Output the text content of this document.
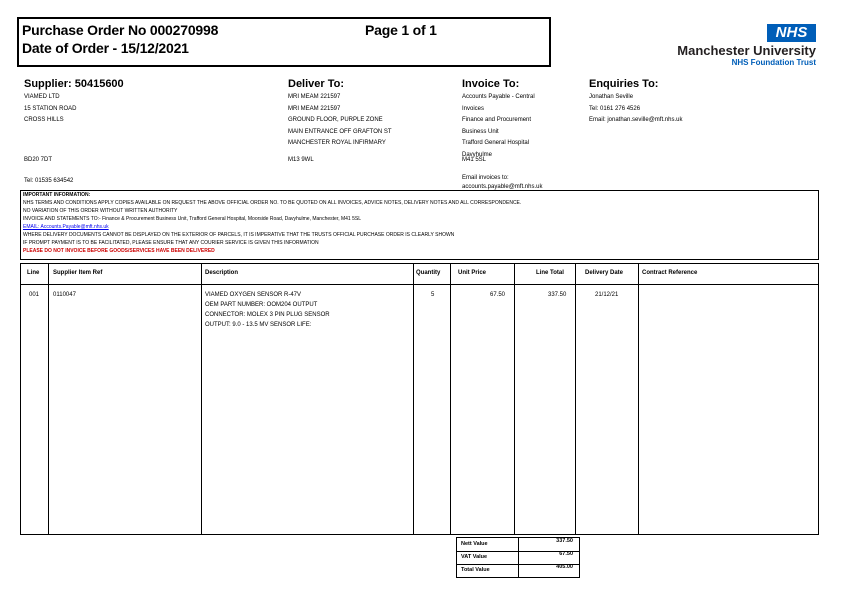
Purchase Order No 000270998	Page 1 of 1
Date of Order - 15/12/2021
NHS
Manchester University
NHS Foundation Trust
Supplier: 50415600
VIAMED LTD
15 STATION ROAD
CROSS HILLS
BD20 7DT
Tel: 01535 634542
Deliver To:
MRI MEAM 221597
MRI MEAM 221597
GROUND FLOOR, PURPLE ZONE
MAIN ENTRANCE OFF GRAFTON ST
MANCHESTER ROYAL INFIRMARY
M13 9WL
Invoice To:
Accounts Payable - Central
Invoices
Finance and Procurement
Business Unit
Trafford General Hospital
Davyhulme
M41 5SL
Email invoices to:
accounts.payable@mft.nhs.uk
Enquiries To:
Jonathan Seville
Tel: 0161 276 4526
Email: jonathan.seville@mft.nhs.uk
IMPORTANT INFORMATION:
NHS TERMS AND CONDITIONS APPLY COPIES AVAILABLE ON REQUEST THE ABOVE OFFICIAL ORDER NO. TO BE QUOTED ON ALL INVOICES, ADVICE NOTES, DELIVERY NOTES AND ALL CORRESPONDENCE.
NO VARIATION OF THIS ORDER WITHOUT WRITTEN AUTHORITY
INVOICE AND STATEMENTS TO:- Finance & Procurement Business Unit, Trafford General Hospital, Moorside Road, Davyhulme, Manchester, M41 5SL
EMAIL: Accounts.Payable@mft.nhs.uk
WHERE DELIVERY DOCUMENTS CANNOT BE DISPLAYED ON THE EXTERIOR OF PARCELS, IT IS IMPERATIVE THAT THE TRUSTS OFFICIAL PURCHASE ORDER IS CLEARLY SHOWN
IF PROMPT PAYMENT IS TO BE FACILITATED, PLEASE ENSURE THAT ANY COURIER SERVICE IS GIVEN THIS INFORMATION
PLEASE DO NOT INVOICE BEFORE GOODS/SERVICES HAVE BEEN DELIVERED
Line Supplier Item Ref	Description	Quantity	Unit Price	Line Total	Delivery Date	Contract Reference
001 0110047	VIAMED OXYGEN SENSOR R-47V
OEM PART NUMBER: OOM204 OUTPUT
CONNECTOR: MOLEX 3 PIN PLUG SENSOR
OUTPUT: 9.0 - 13.5 MV SENSOR LIFE:
5	67.50	337.50	21/12/21
Nett Value	337.50
VAT Value	67.50
Total Value	405.00
